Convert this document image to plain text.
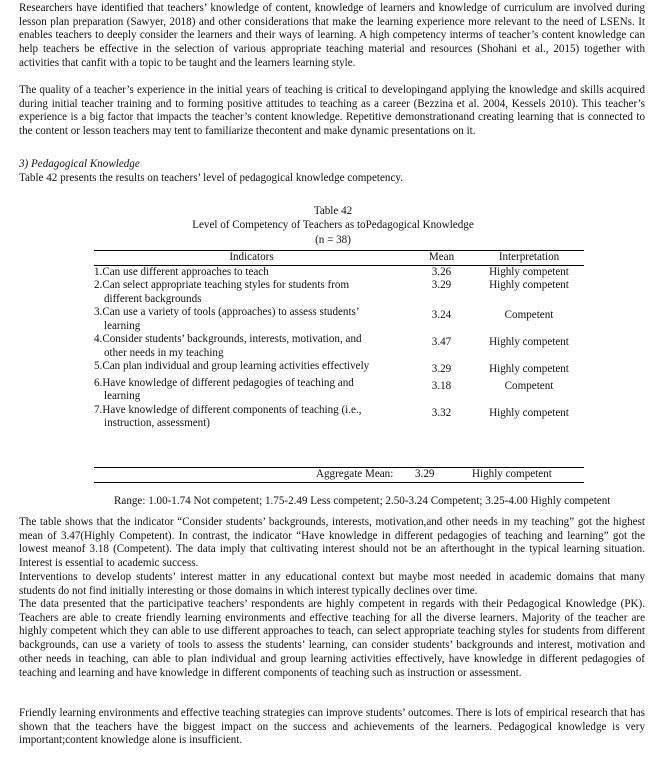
Researchers have identified that teachers’ knowledge of content, knowledge of learners and knowledge of curriculum are involved during lesson plan preparation (Sawyer, 2018) and other considerations that make the learning experience more relevant to the need of LSENs. It enables teachers to deeply consider the learners and their ways of learning. A high competency interms of teacher’s content knowledge can help teachers be effective in the selection of various appropriate teaching material and resources (Shohani et al., 2015) together with activities that canfit with a topic to be taught and the learners learning style.

The quality of a teacher’s experience in the initial years of teaching is critical to developingand applying the knowledge and skills acquired during initial teacher training and to forming positive attitudes to teaching as a career (Bezzina et al. 2004, Kessels 2010). This teacher’s experience is a big factor that impacts the teacher’s content knowledge. Repetitive demonstrationand creating learning that is connected to the content or lesson teachers may tent to familiarize thecontent and make dynamic presentations on it.

3) Pedagogical Knowledge

Table 42 presents the results on teachers’ level of pedagogical knowledge competency.

Table 42

Level of Competency of Teachers as toPedagogical Knowledge

(n = 38)

Indicators	Mean	Interpretation

1.Can use different approaches to teach	3.26	Highly competent

2.Can select appropriate teaching styles for students from different backgrounds	3.29	Highly competent

3.Can use a variety of tools (approaches) to assess students’ learning	3.24	Competent

4.Consider students’ backgrounds, interests, motivation, and other needs in my teaching	3.47	Highly competent

5.Can plan individual and group learning activities effectively	3.29	Highly competent

6.Have knowledge of different pedagogies of teaching and learning	3.18	Competent

7.Have knowledge of different components of teaching (i.e., instruction, assessment)	3.32	Highly competent
Aggregate Mean: 3.29	Highly competent

Range: 1.00-1.74 Not competent; 1.75-2.49 Less competent; 2.50-3.24 Competent; 3.25-4.00 Highly competent

The table shows that the indicator “Consider students’ backgrounds, interests, motivation,and other needs in my teaching” got the highest mean of 3.47(Highly Competent). In contrast, the indicator “Have knowledge in different pedagogies of teaching and learning” got the lowest meanof 3.18 (Competent). The data imply that cultivating interest should not be an afterthought in the typical learning situation. Interest is essential to academic success.

Interventions to develop students’ interest matter in any educational context but maybe most needed in academic domains that many students do not find initially interesting or those domains in which interest typically declines over time.

The data presented that the participative teachers’ respondents are highly competent in regards with their Pedagogical Knowledge (PK). Teachers are able to create friendly learning environments and effective teaching for all the diverse learners. Majority of the teacher are highly competent which they can able to use different approaches to teach, can select appropriate teaching styles for students from different backgrounds, can use a variety of tools to assess the students’ learning, can consider students’ backgrounds and interest, motivation and other needs in teaching, can able to plan individual and group learning activities effectively, have knowledge in different pedagogies of teaching and learning and have knowledge in different components of teaching such as instruction or assessment.

Friendly learning environments and effective teaching strategies can improve students’ outcomes. There is lots of empirical research that has shown that the teachers have the biggest impact on the success and achievements of the learners. Pedagogical knowledge is very important;content knowledge alone is insufficient.
